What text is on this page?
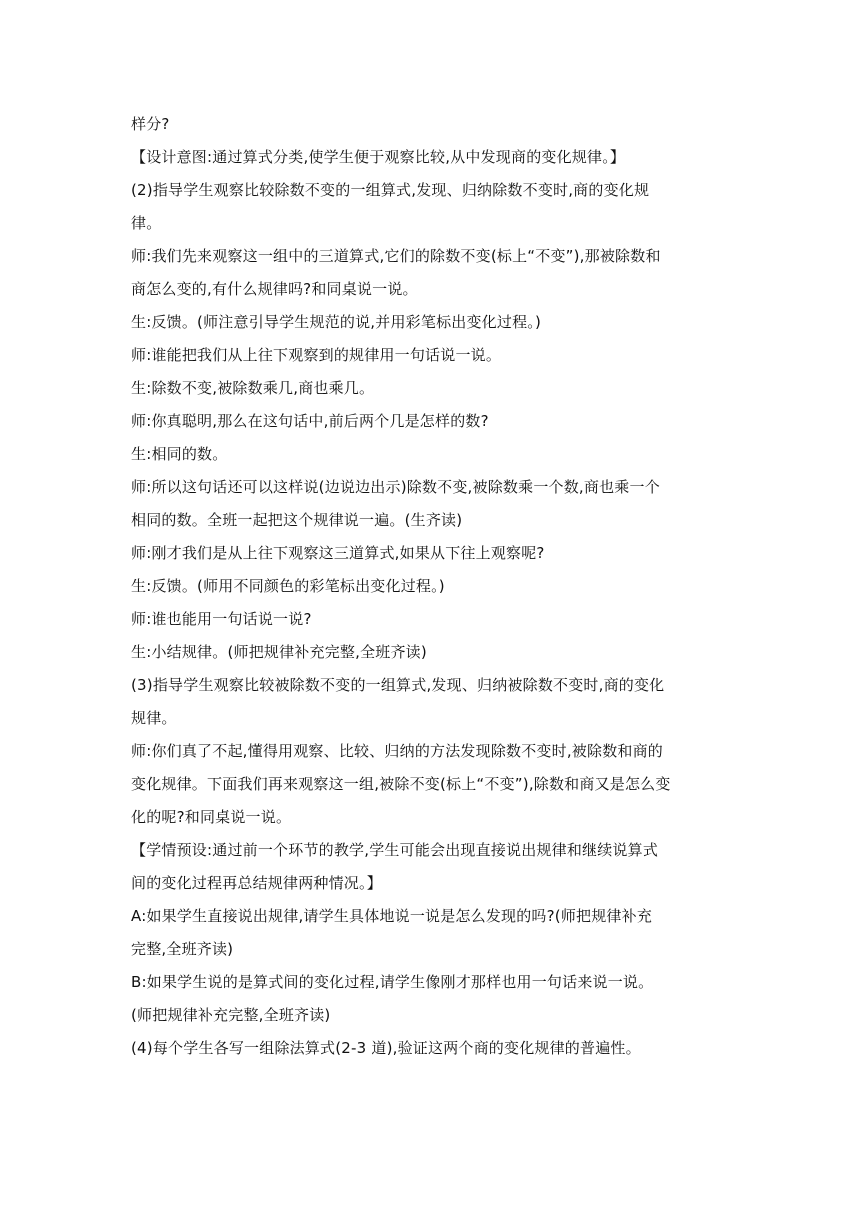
样分?
【设计意图:通过算式分类,使学生便于观察比较,从中发现商的变化规律。】
(2)指导学生观察比较除数不变的一组算式,发现、归纳除数不变时,商的变化规
律。
师:我们先来观察这一组中的三道算式,它们的除数不变(标上“不变”),那被除数和
商怎么变的,有什么规律吗?和同桌说一说。
生:反馈。(师注意引导学生规范的说,并用彩笔标出变化过程。)
师:谁能把我们从上往下观察到的规律用一句话说一说。
生:除数不变,被除数乘几,商也乘几。
师:你真聪明,那么在这句话中,前后两个几是怎样的数?
生:相同的数。
师:所以这句话还可以这样说(边说边出示)除数不变,被除数乘一个数,商也乘一个
相同的数。全班一起把这个规律说一遍。(生齐读)
师:刚才我们是从上往下观察这三道算式,如果从下往上观察呢?
生:反馈。(师用不同颜色的彩笔标出变化过程。)
师:谁也能用一句话说一说?
生:小结规律。(师把规律补充完整,全班齐读)
(3)指导学生观察比较被除数不变的一组算式,发现、归纳被除数不变时,商的变化
规律。
师:你们真了不起,懂得用观察、比较、归纳的方法发现除数不变时,被除数和商的
变化规律。下面我们再来观察这一组,被除不变(标上“不变”),除数和商又是怎么变
化的呢?和同桌说一说。
【学情预设:通过前一个环节的教学,学生可能会出现直接说出规律和继续说算式
间的变化过程再总结规律两种情况。】
A:如果学生直接说出规律,请学生具体地说一说是怎么发现的吗?(师把规律补充
完整,全班齐读)
B:如果学生说的是算式间的变化过程,请学生像刚才那样也用一句话来说一说。
(师把规律补充完整,全班齐读)
(4)每个学生各写一组除法算式(2-3 道),验证这两个商的变化规律的普遍性。
